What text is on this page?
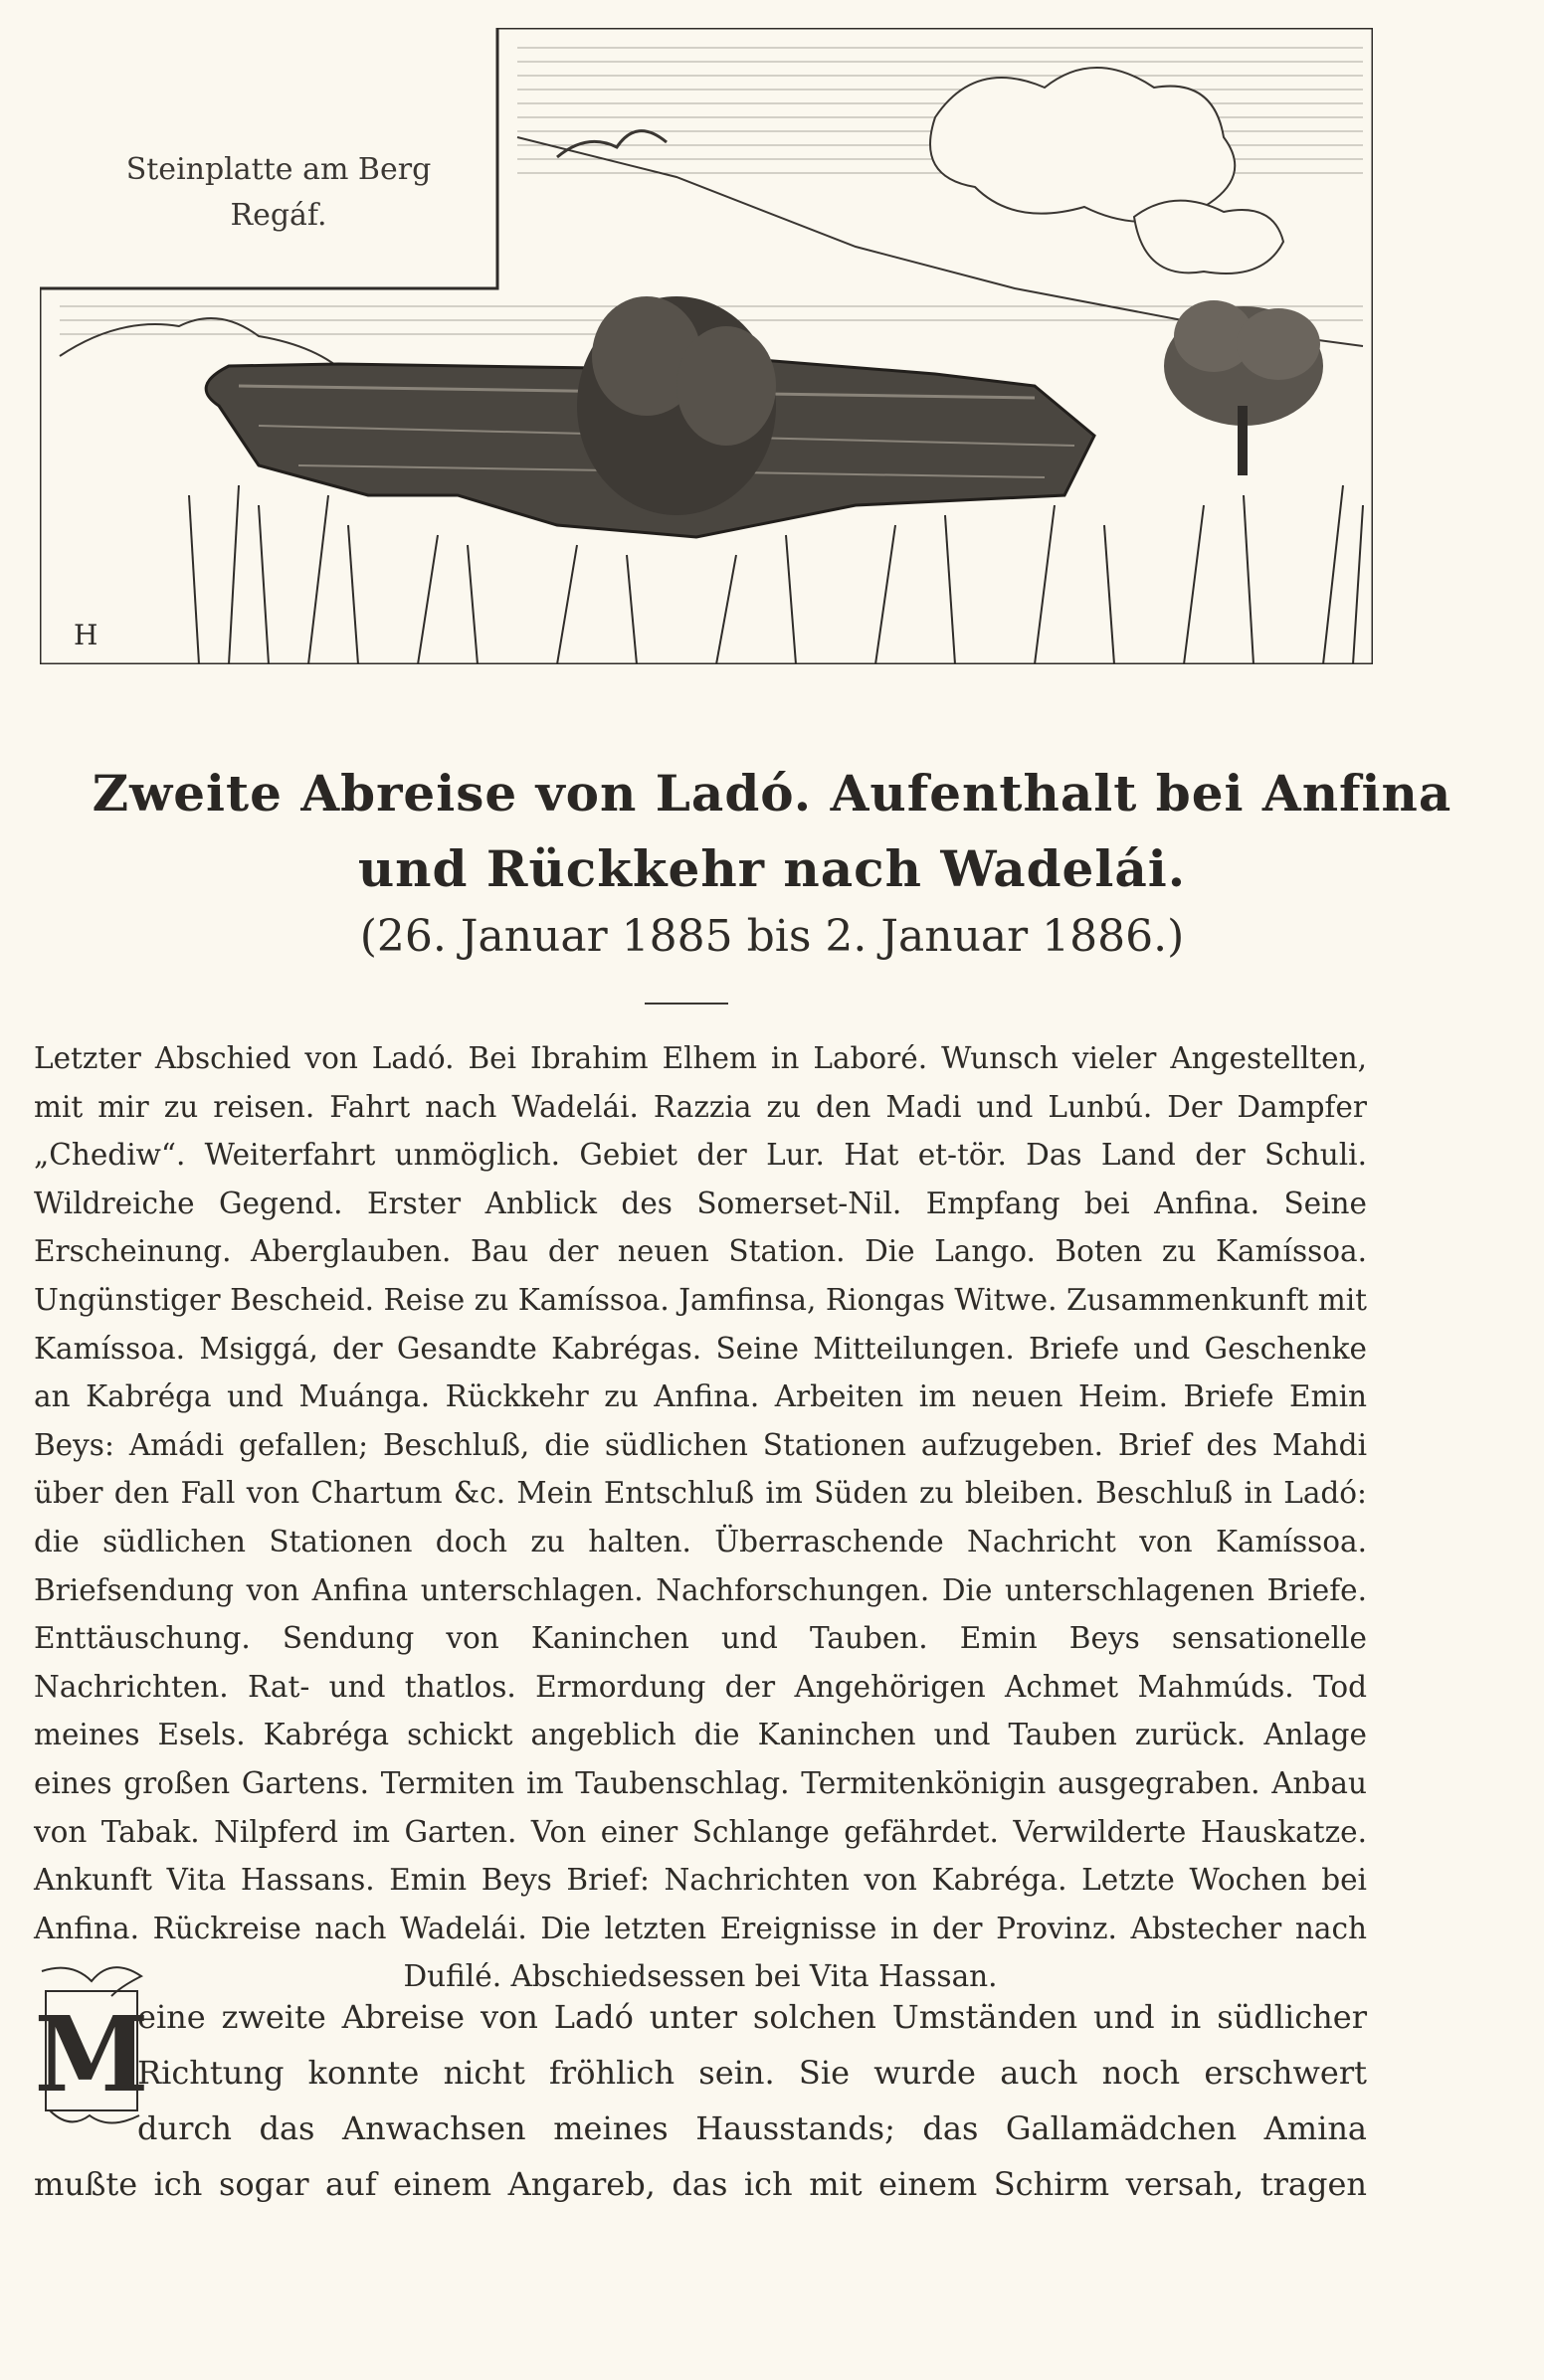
H
Steinplatte am Berg
Regáf.
Zweite Abreise von Ladó. Aufenthalt bei Anfina
und Rückkehr nach Wadelái.
(26. Januar 1885 bis 2. Januar 1886.)
Letzter Abschied von Ladó. Bei Ibrahim Elhem in Laboré. Wunsch vieler Angestellten, mit mir zu reisen. Fahrt nach Wadelái. Razzia zu den Madi und Lunbú. Der Dampfer „Chediw“. Weiterfahrt unmöglich. Gebiet der Lur. Hat et-tör. Das Land der Schuli. Wildreiche Gegend. Erster Anblick des Somerset-Nil. Empfang bei Anfina. Seine Erscheinung. Aberglauben. Bau der neuen Station. Die Lango. Boten zu Kamíssoa. Ungünstiger Bescheid. Reise zu Kamíssoa. Jamfinsa, Riongas Witwe. Zusammenkunft mit Kamíssoa. Msiggá, der Gesandte Kabrégas. Seine Mitteilungen. Briefe und Geschenke an Kabréga und Muánga. Rückkehr zu Anfina. Arbeiten im neuen Heim. Briefe Emin Beys: Amádi gefallen; Beschluß, die südlichen Stationen aufzugeben. Brief des Mahdi über den Fall von Chartum &c. Mein Entschluß im Süden zu bleiben. Beschluß in Ladó: die südlichen Stationen doch zu halten. Überraschende Nachricht von Kamíssoa. Briefsendung von Anfina unterschlagen. Nachforschungen. Die unterschlagenen Briefe. Enttäuschung. Sendung von Kaninchen und Tauben. Emin Beys sensationelle Nachrichten. Rat- und thatlos. Ermordung der Angehörigen Achmet Mahmúds. Tod meines Esels. Kabréga schickt angeblich die Kaninchen und Tauben zurück. Anlage eines großen Gartens. Termiten im Taubenschlag. Termitenkönigin ausgegraben. Anbau von Tabak. Nilpferd im Garten. Von einer Schlange gefährdet. Verwilderte Hauskatze. Ankunft Vita Hassans. Emin Beys Brief: Nachrichten von Kabréga. Letzte Wochen bei Anfina. Rückreise nach Wadelái. Die letzten Ereignisse in der Provinz. Abstecher nach Dufilé. Abschiedsessen bei Vita Hassan.
M
eine zweite Abreise von Ladó unter solchen Umständen und in südlicher
Richtung konnte nicht fröhlich sein. Sie wurde auch noch erschwert
durch das Anwachsen meines Hausstands; das Gallamädchen Amina
mußte ich sogar auf einem Angareb, das ich mit einem Schirm versah, tragen
